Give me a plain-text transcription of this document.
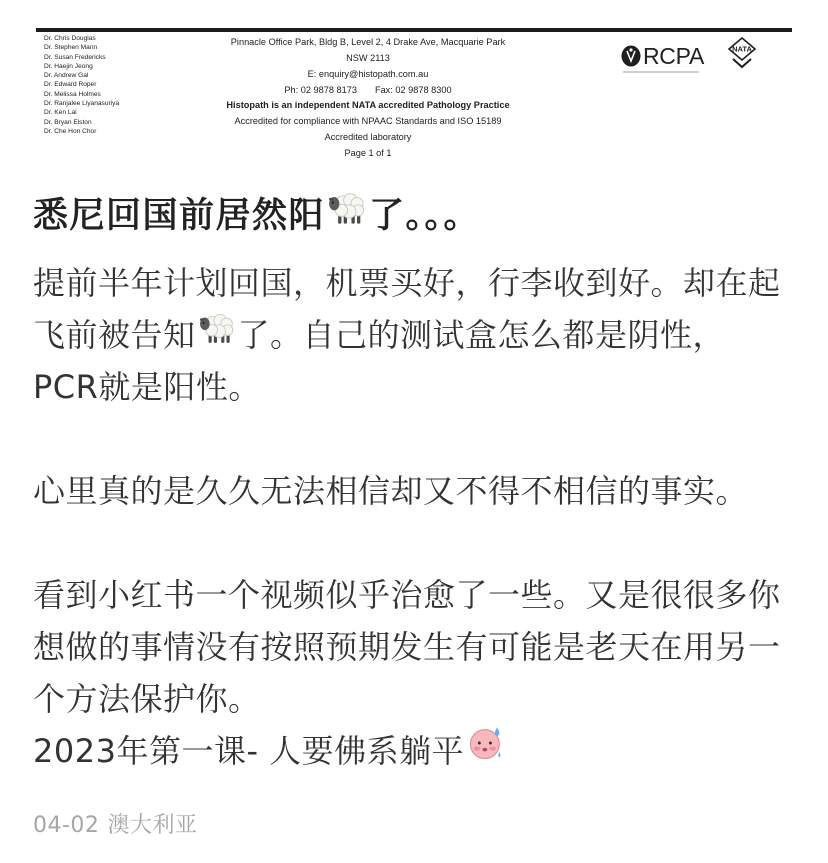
Dr. Chris Douglas
Dr. Stephen Mann
Dr. Susan Fredericks
Dr. Haejin Jeong
Dr. Andrew Gal
Dr. Edward Roper
Dr. Melissa Holmes
Dr. Ranjalee Liyanasuriya
Dr. Ken Lai
Dr. Bryan Elston
Dr. Che Hon Chor
Pinnacle Office Park, Bldg B, Level 2, 4 Drake Ave, Macquarie Park
NSW 2113
E: enquiry@histopath.com.au
Ph: 02 9878 8173 Fax: 02 9878 8300
Histopath is an independent NATA accredited Pathology Practice
Accredited for compliance with NPAAC Standards and ISO 15189
Accredited laboratory
Page 1 of 1
RCPA	NATA
悉尼回国前居然阳 了。。。
提前半年计划回国，机票买好，行李收到好。却在起
飞前被告知 了。自己的测试盒怎么都是阴性，
PCR就是阳性。
心里真的是久久无法相信却又不得不相信的事实。
看到小红书一个视频似乎治愈了一些。又是很很多你
想做的事情没有按照预期发生有可能是老天在用另一
个方法保护你。
2023年第一课- 人要佛系躺平
04-02 澳大利亚
